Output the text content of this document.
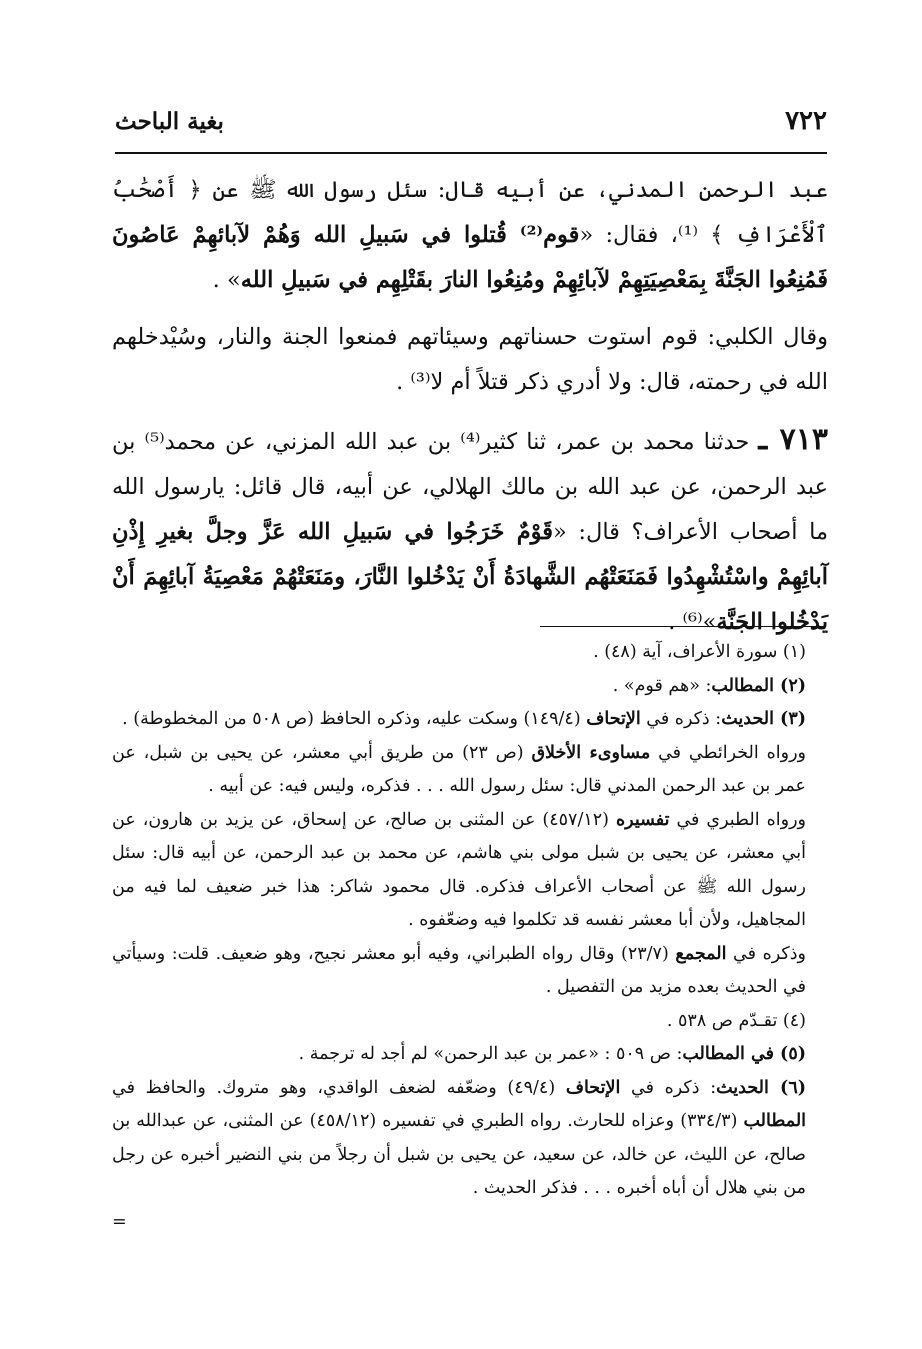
٧٢٢
بغية الباحث

عبد الرحمن المدني، عن أبيه قال: سئل رسول الله ﷺ عن ﴿ أَصْحَٰبُ ٱلْأَعْرَافِ ﴾ ⁽¹⁾، فقال: «قوم⁽²⁾ قُتلوا في سَبيلِ الله وَهُمْ لآبائهِمْ عَاصُونَ فَمُنِعُوا الجَنَّةَ بِمَعْصِيَتِهِمْ لآبائِهِمْ ومُنِعُوا النارَ بقَتْلِهِم في سَبيلِ الله» .

وقال الكلبي: قوم استوت حسناتهم وسيئاتهم فمنعوا الجنة والنار، وسُيْدخلهم الله في رحمته، قال: ولا أدري ذكر قتلاً أم لا⁽³⁾ .

٧١٣ ـ حدثنا محمد بن عمر، ثنا كثير⁽⁴⁾ بن عبد الله المزني، عن محمد⁽⁵⁾ بن عبد الرحمن، عن عبد الله بن مالك الهلالي، عن أبيه، قال قائل: يارسول الله ما أصحاب الأعراف؟ قال: «قَوْمٌ خَرَجُوا في سَبيلِ الله عَزَّ وجلَّ بغيرِ إِذْنِ آبائِهِمْ واسْتُشْهِدُوا فَمَنَعَتْهُم الشَّهادَةُ أَنْ يَدْخُلوا النَّارَ، ومَنَعَتْهُمْ مَعْصِيَةُ آبائِهِمَ أَنْ يَدْخُلوا الجَنَّة»⁽⁶⁾ .

(١) سورة الأعراف، آية (٤٨) .

(٢) المطالب: «هم قوم» .

(٣) الحديث: ذكره في الإتحاف (١٤٩/٤) وسكت عليه، وذكره الحافظ (ص ٥٠٨ من المخطوطة) .

ورواه الخرائطي في مساوىء الأخلاق (ص ٢٣) من طريق أبي معشر، عن يحيى بن شبل، عن عمر بن عبد الرحمن المدني قال: سئل رسول الله . . . فذكره، وليس فيه: عن أبيه .

ورواه الطبري في تفسيره (٤٥٧/١٢) عن المثنى بن صالح، عن إسحاق، عن يزيد بن هارون، عن أبي معشر، عن يحيى بن شبل مولى بني هاشم، عن محمد بن عبد الرحمن، عن أبيه قال: سئل رسول الله ﷺ عن أصحاب الأعراف فذكره. قال محمود شاكر: هذا خبر ضعيف لما فيه من المجاهيل، ولأن أبا معشر نفسه قد تكلموا فيه وضعّفوه .

وذكره في المجمع (٢٣/٧) وقال رواه الطبراني، وفيه أبو معشر نجيح، وهو ضعيف. قلت: وسيأتي في الحديث بعده مزيد من التفصيل .

(٤) تقـدّم ص ٥٣٨ .

(٥) في المطالب: ص ٥٠٩ : «عمر بن عبد الرحمن» لم أجد له ترجمة .

(٦) الحديث: ذكره في الإتحاف (٤٩/٤) وضعّفه لضعف الواقدي، وهو متروك. والحافظ في المطالب (٣٣٤/٣) وعزاه للحارث. رواه الطبري في تفسيره (٤٥٨/١٢) عن المثنى، عن عبدالله بن صالح، عن الليث، عن خالد، عن سعيد، عن يحيى بن شبل أن رجلاً من بني النضير أخبره عن رجل من بني هلال أن أباه أخبره . . . فذكر الحديث .

=
